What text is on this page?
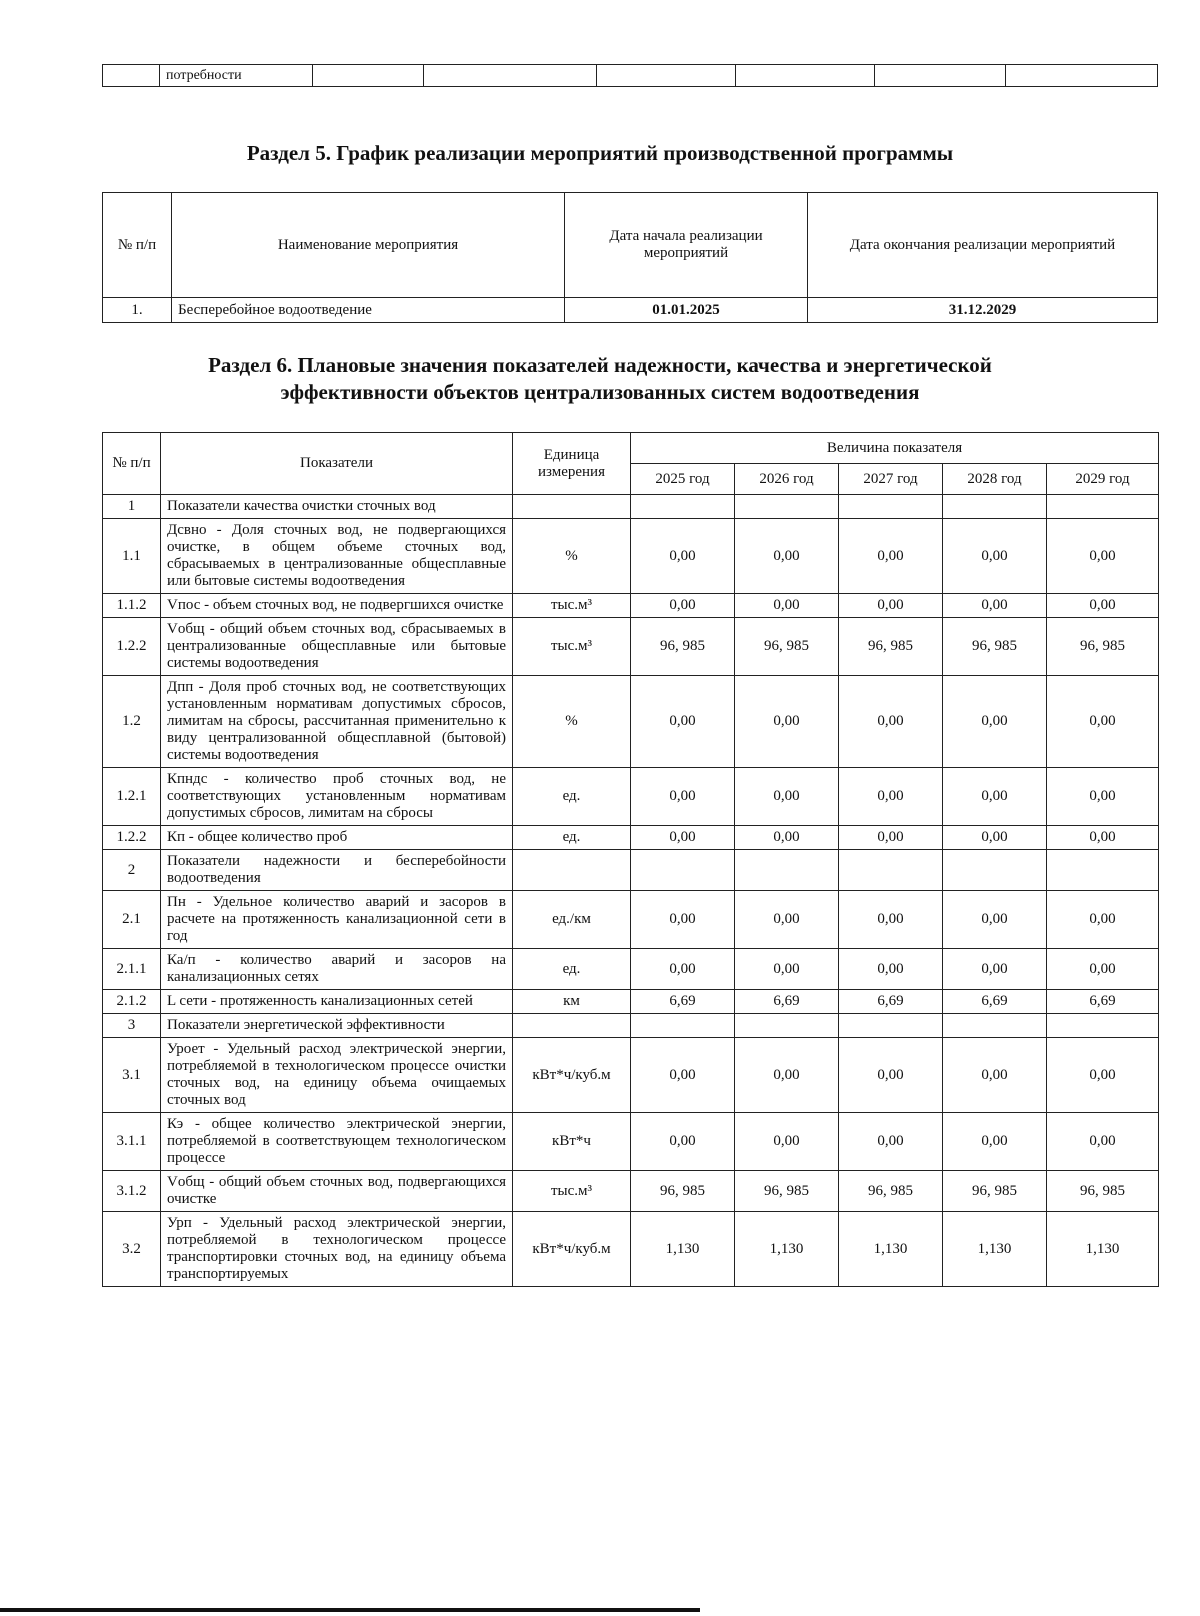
	потребности						
Раздел 5. График реализации мероприятий производственной программы
№ п/п	Наименование мероприятия	Дата начала реализации мероприятий	Дата окончания реализации мероприятий
1.	Бесперебойное водоотведение	01.01.2025	31.12.2029
Раздел 6. Плановые значения показателей надежности, качества и энергетической
эффективности объектов централизованных систем водоотведения
№ п/п	Показатели	Единица измерения	Величина показателя				
			2025 год	2026 год	2027 год	2028 год	2029 год
1	Показатели качества очистки сточных вод						
1.1	Дсвно - Доля сточных вод, не подвергающихся очистке, в общем объеме сточных вод, сбрасываемых в централизованные общесплавные или бытовые системы водоотведения	%	0,00	0,00	0,00	0,00	0,00
1.1.2	Vпос - объем сточных вод, не подвергшихся очистке	тыс.м³	0,00	0,00	0,00	0,00	0,00
1.2.2	Vобщ - общий объем сточных вод, сбрасываемых в централизованные общесплавные или бытовые системы водоотведения	тыс.м³	96, 985	96, 985	96, 985	96, 985	96, 985
1.2	Дпп - Доля проб сточных вод, не соответствующих установленным нормативам допустимых сбросов, лимитам на сбросы, рассчитанная применительно к виду централизованной общесплавной (бытовой) системы водоотведения	%	0,00	0,00	0,00	0,00	0,00
1.2.1	Кпндс - количество проб сточных вод, не соответствующих установленным нормативам допустимых сбросов, лимитам на сбросы	ед.	0,00	0,00	0,00	0,00	0,00
1.2.2	Кп - общее количество проб	ед.	0,00	0,00	0,00	0,00	0,00
2	Показатели надежности и бесперебойности водоотведения						
2.1	Пн - Удельное количество аварий и засоров в расчете на протяженность канализационной сети в год	ед./км	0,00	0,00	0,00	0,00	0,00
2.1.1	Ка/п - количество аварий и засоров на канализационных сетях	ед.	0,00	0,00	0,00	0,00	0,00
2.1.2	L сети - протяженность канализационных сетей	км	6,69	6,69	6,69	6,69	6,69
3	Показатели энергетической эффективности						
3.1	Уроет - Удельный расход электрической энергии, потребляемой в технологическом процессе очистки сточных вод, на единицу объема очищаемых сточных вод	кВт*ч/куб.м	0,00	0,00	0,00	0,00	0,00
3.1.1	Кэ - общее количество электрической энергии, потребляемой в соответствующем технологическом процессе	кВт*ч	0,00	0,00	0,00	0,00	0,00
3.1.2	Vобщ - общий объем сточных вод, подвергающихся очистке	тыс.м³	96, 985	96, 985	96, 985	96, 985	96, 985
3.2	Урп - Удельный расход электрической энергии, потребляемой в технологическом процессе транспортировки сточных вод, на единицу объема транспортируемых	кВт*ч/куб.м	1,130	1,130	1,130	1,130	1,130
